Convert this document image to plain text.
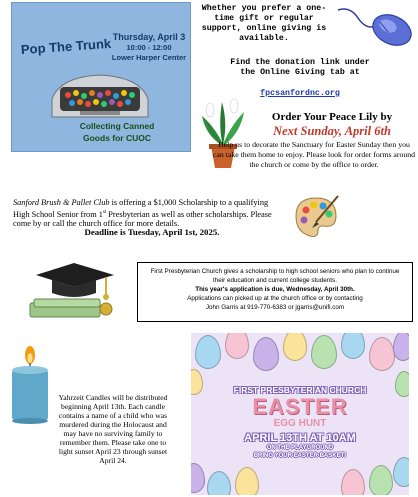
Pop The Trunk Thursday, April 3
10:00 - 12:00
Lower Harper Center
Collecting Canned
Goods for CUOC
Whether you prefer a one-time gift or regular support, online giving is available.
Find the donation link under the Online Giving tab at
fpcsanfordnc.org
Order Your Peace Lily by
Next Sunday, April 6th
Help us to decorate the Sanctuary for Easter Sunday then you can take them home to enjoy. Please look for order forms around the church or come by the office to order.
Sanford Brush & Pallet Club is offering a $1,000 Scholarship to a qualifying High School Senior from 1st Presbyterian as well as other scholarships. Please come by or call the church office for more details.
Deadline is Tuesday, April 1st, 2025.
First Presbyterian Church gives a scholarship to high school seniors who plan to continue their education and current college students.
This year's application is due, Wednesday, April 30th.
Applications can picked up at the church office or by contacting
John Garris at 919-770-6383 or jgarris@unifi.com
Yahrzeit Candles will be distributed beginning April 13th. Each candle contains a name of a child who was murdered during the Holocaust and may have no surviving family to remember them. Please take one to light sunset April 23 through sunset April 24.
FIRST PRESBYTERIAN CHURCH
EASTER
EGG HUNT
APRIL 13TH AT 10AM
ON THE PLAYGROUND
BRING YOUR EASTER BASKET!
